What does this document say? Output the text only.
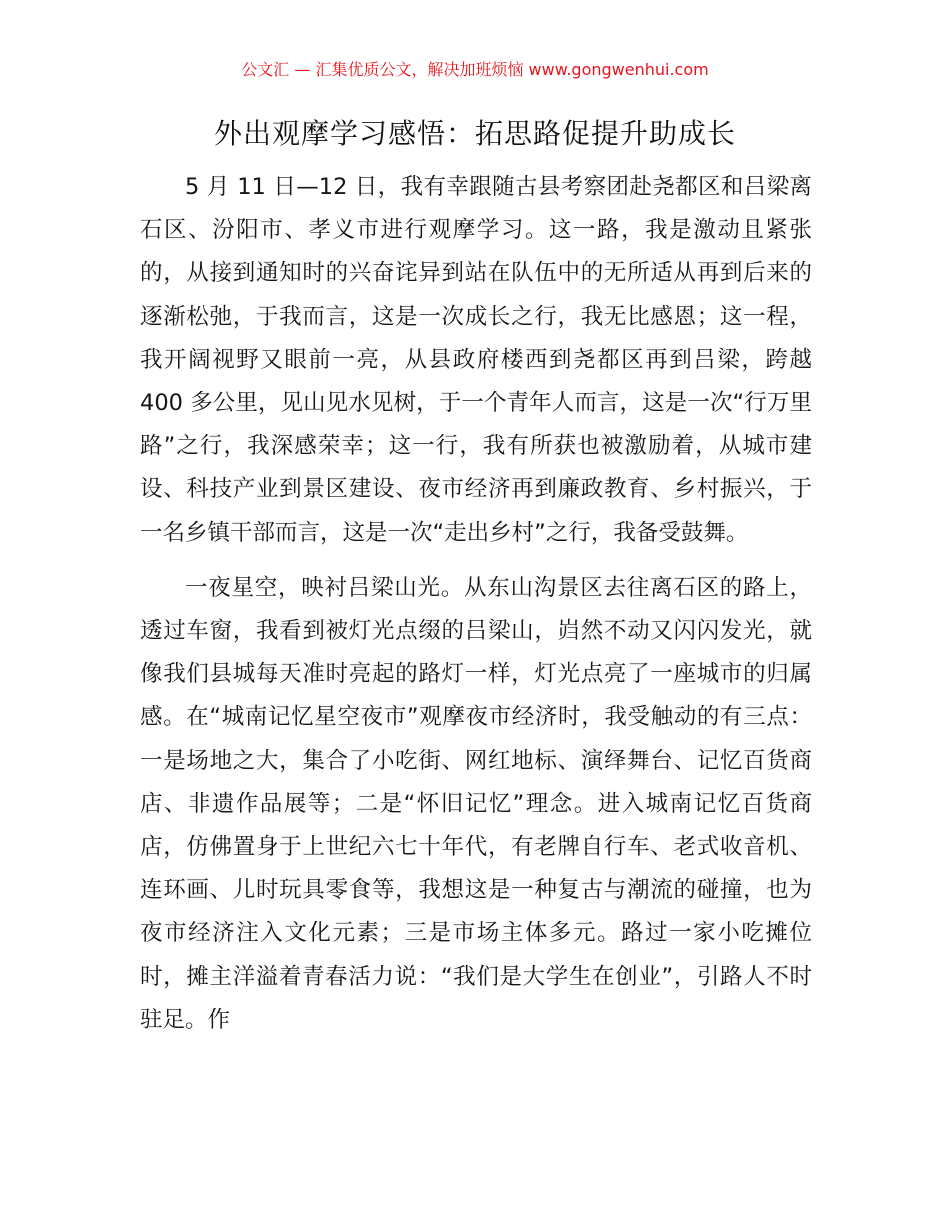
公文汇 — 汇集优质公文，解决加班烦恼 www.gongwenhui.com
外出观摩学习感悟：拓思路促提升助成长

5 月 11 日—12 日，我有幸跟随古县考察团赴尧都区和吕梁离石区、汾阳市、孝义市进行观摩学习。这一路，我是激动且紧张的，从接到通知时的兴奋诧异到站在队伍中的无所适从再到后来的逐渐松弛，于我而言，这是一次成长之行，我无比感恩；这一程，我开阔视野又眼前一亮，从县政府楼西到尧都区再到吕梁，跨越 400 多公里，见山见水见树，于一个青年人而言，这是一次“行万里路”之行，我深感荣幸；这一行，我有所获也被激励着，从城市建设、科技产业到景区建设、夜市经济再到廉政教育、乡村振兴，于一名乡镇干部而言，这是一次“走出乡村”之行，我备受鼓舞。

一夜星空，映衬吕梁山光。从东山沟景区去往离石区的路上，透过车窗，我看到被灯光点缀的吕梁山，岿然不动又闪闪发光，就像我们县城每天准时亮起的路灯一样，灯光点亮了一座城市的归属感。在“城南记忆星空夜市”观摩夜市经济时，我受触动的有三点：一是场地之大，集合了小吃街、网红地标、演绎舞台、记忆百货商店、非遗作品展等；二是“怀旧记忆”理念。进入城南记忆百货商店，仿佛置身于上世纪六七十年代，有老牌自行车、老式收音机、连环画、儿时玩具零食等，我想这是一种复古与潮流的碰撞，也为夜市经济注入文化元素；三是市场主体多元。路过一家小吃摊位时，摊主洋溢着青春活力说：“我们是大学生在创业”，引路人不时驻足。作
